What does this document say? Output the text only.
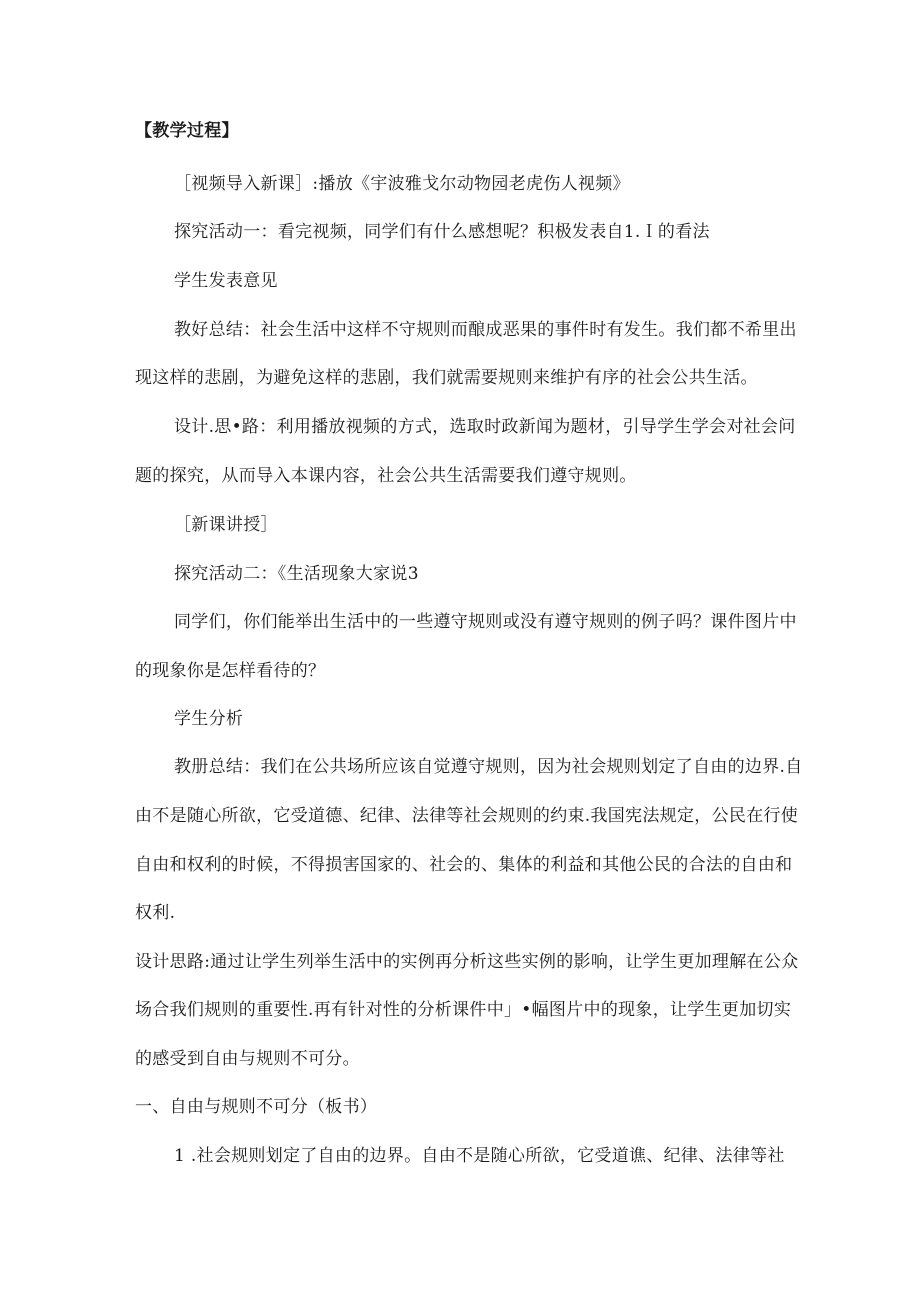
【教学过程】
［视频导入新课］:播放《宇波雅戈尔动物园老虎伤人视频》
探究活动一：看完视频，同学们有什么感想呢？积极发表自1.Ｉ的看法
学生发表意见
教好总结：社会生活中这样不守规则而酿成恶果的事件时有发生。我们都不希里出
现这样的悲剧，为避免这样的悲剧，我们就需要规则来维护有序的社会公共生活。
设计.思•路：利用播放视频的方式，选取时政新闻为题材，引导学生学会对社会问
题的探究，从而导入本课内容，社会公共生活需要我们遵守规则。
［新课讲授］
探究活动二：《生活现象大家说3
同学们，你们能举出生活中的一些遵守规则或没有遵守规则的例子吗？课件图片中
的现象你是怎样看待的？
学生分析
教册总结：我们在公共场所应该自觉遵守规则，因为社会规则划定了自由的边界.自
由不是随心所欲，它受道德、纪律、法律等社会规则的约束.我国宪法规定，公民在行使
自由和权利的时候，不得损害国家的、社会的、集体的利益和其他公民的合法的自由和
权利.
设计思路:通过让学生列举生活中的实例再分析这些实例的影响，让学生更加理解在公众
场合我们规则的重要性.再有针对性的分析课件中」•幅图片中的现象，让学生更加切实
的感受到自由与规则不可分。
一、自由与规则不可分（板书）
1 .社会规则划定了自由的边界。自由不是随心所欲，它受道谯、纪律、法律等社
